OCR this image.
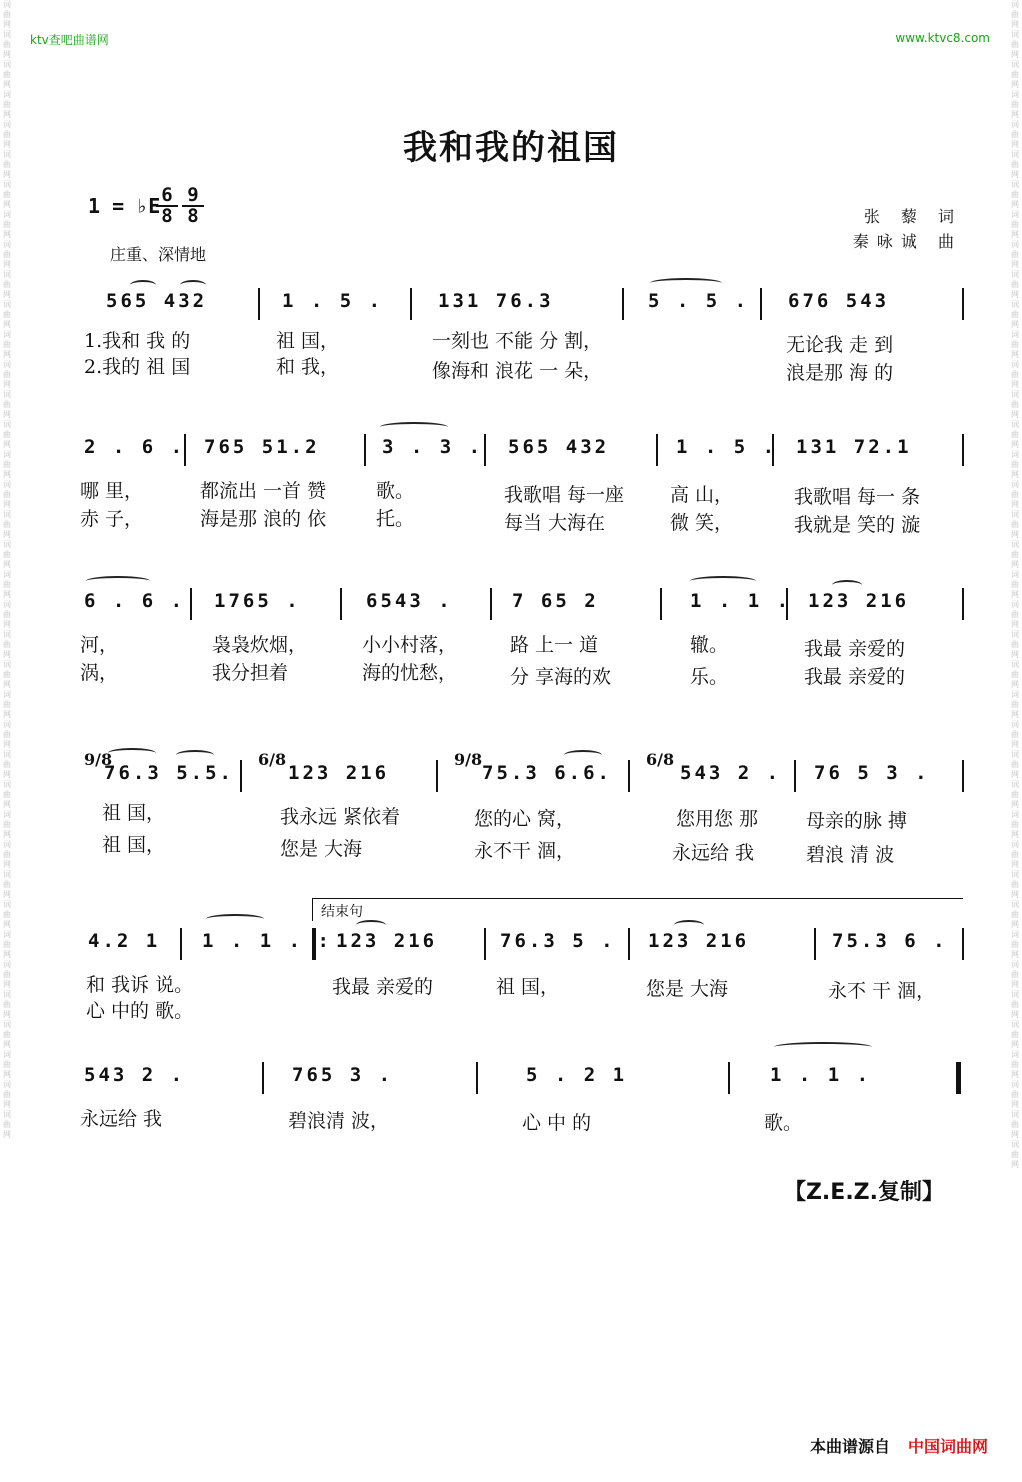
词曲网词曲网词曲网词曲网词曲网词曲网词曲网词曲网词曲网词曲网词曲网词曲网词曲网词曲网词曲网词曲网词曲网词曲网词曲网词曲网词曲网词曲网词曲网词曲网词曲网词曲网词曲网词曲网词曲网词曲网词曲网词曲网词曲网词曲网词曲网词曲网词曲网词曲网
词曲网词曲网词曲网词曲网词曲网词曲网词曲网词曲网词曲网词曲网词曲网词曲网词曲网词曲网词曲网词曲网词曲网词曲网词曲网词曲网词曲网词曲网词曲网词曲网词曲网词曲网词曲网词曲网词曲网词曲网词曲网词曲网词曲网词曲网词曲网词曲网词曲网词曲网词曲网
ktv查吧曲谱网	www.ktvc8.com
我和我的祖国
1 = ♭E 6
8
9
8
庄重、深情地
张 藜 词
秦咏诚 曲
565 432	1 . 5 .	131 76.3	5 . 5 . 676 543
1.我和 我 的	祖 国，	一刻也 不能 分 割，	无论我 走 到
2.我的 祖 国	和 我，	像海和 浪花 一 朵，	浪是那 海 的
2 . 6 . 765 51.2	3 . 3 . 565 432	1 . 5 . 131 72.1
哪 里，	都流出 一首 赞	歌。	我歌唱 每一座 高 山，	我歌唱 每一 条
赤 子，	海是那 浪的 依	托。	每当 大海在	微 笑，	我就是 笑的 漩
6 . 6 . 1765 .	6543 .	7 65 2	1 . 1 . 123 216
河，	袅袅炊烟，	小小村落，	路 上一 道	辙。	我最 亲爱的
涡，	我分担着	海的忧愁，	分 享海的欢	乐。	我最 亲爱的
9/8	6/8	9/8	6/8
76.3 5.5.	123 216	75.3 6.6.	543 2 . 76 5 3 .
祖 国，	我永远 紧依着	您的心 窝，	您用您 那	母亲的脉 搏
祖 国，	您是 大海	永不干 涸，	永远给 我	碧浪 清 波
结束句
4.2 1 1 . 1 . : 123 216	76.3 5 . 123 216	75.3 6 .
和 我诉 说。	我最 亲爱的	祖 国，	您是 大海	永不 干 涸，
心 中的 歌。
543 2 .	765 3 .	5 . 2 1	1 . 1 .
永远给 我	碧浪清 波，	心 中 的	歌。
【Z.E.Z.复制】
本曲谱源自 中国词曲网
